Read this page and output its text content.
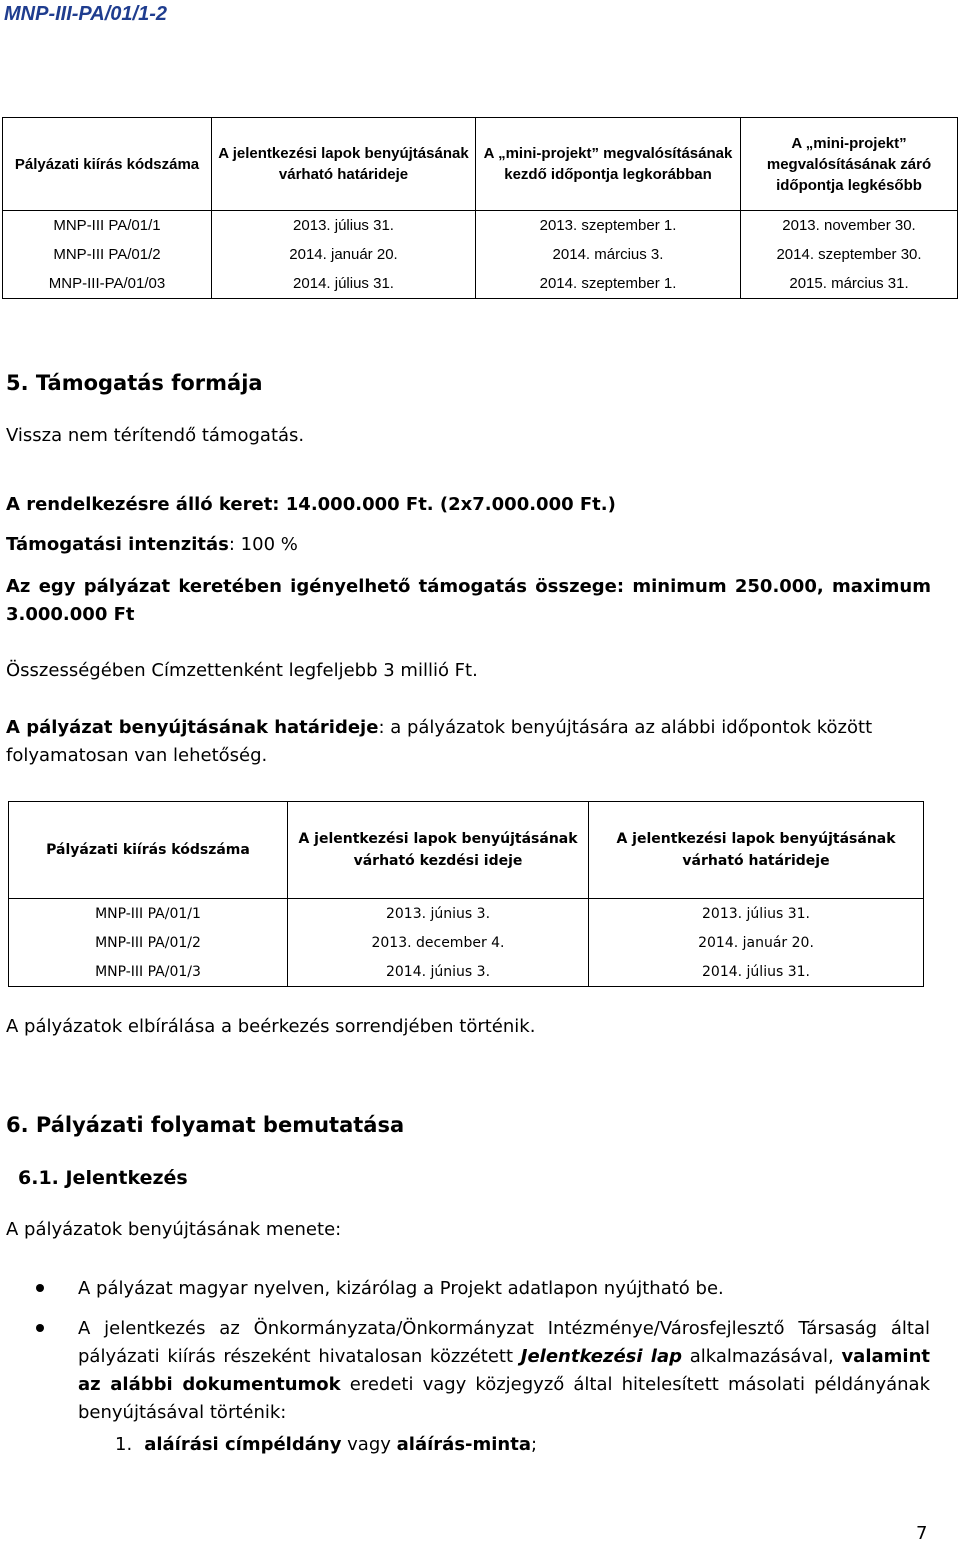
MNP-III-PA/01/1-2
Pályázati kiírás kódszáma	A jelentkezési lapok benyújtásának várható határideje	A „mini-projekt” megvalósításának kezdő időpontja legkorábban	A „mini-projekt” megvalósításának záró időpontja legkésőbb
MNP-III PA/01/1	2013. július 31.	2013. szeptember 1.	2013. november 30.
MNP-III PA/01/2	2014. január 20.	2014. március 3.	2014. szeptember 30.
MNP-III-PA/01/03	2014. július 31.	2014. szeptember 1.	2015. március 31.
5. Támogatás formája
Vissza nem térítendő támogatás.
A rendelkezésre álló keret: 14.000.000 Ft. (2x7.000.000 Ft.)
Támogatási intenzitás: 100 %
Az egy pályázat keretében igényelhető támogatás összege: minimum 250.000, maximum 3.000.000 Ft
Összességében Címzettenként legfeljebb 3 millió Ft.
A pályázat benyújtásának határideje: a pályázatok benyújtására az alábbi időpontok között folyamatosan van lehetőség.
Pályázati kiírás kódszáma	A jelentkezési lapok benyújtásának várható kezdési ideje	A jelentkezési lapok benyújtásának várható határideje
MNP-III PA/01/1	2013. június 3.	2013. július 31.
MNP-III PA/01/2	2013. december 4.	2014. január 20.
MNP-III PA/01/3	2014. június 3.	2014. július 31.
A pályázatok elbírálása a beérkezés sorrendjében történik.
6. Pályázati folyamat bemutatása
6.1. Jelentkezés
A pályázatok benyújtásának menete:
A pályázat magyar nyelven, kizárólag a Projekt adatlapon nyújtható be.
A jelentkezés az Önkormányzata/Önkormányzat Intézménye/Városfejlesztő Társaság által pályázati kiírás részeként hivatalosan közzétett Jelentkezési lap alkalmazásával, valamint az alábbi dokumentumok eredeti vagy közjegyző által hitelesített másolati példányának benyújtásával történik:
1. aláírási címpéldány vagy aláírás-minta;
7
